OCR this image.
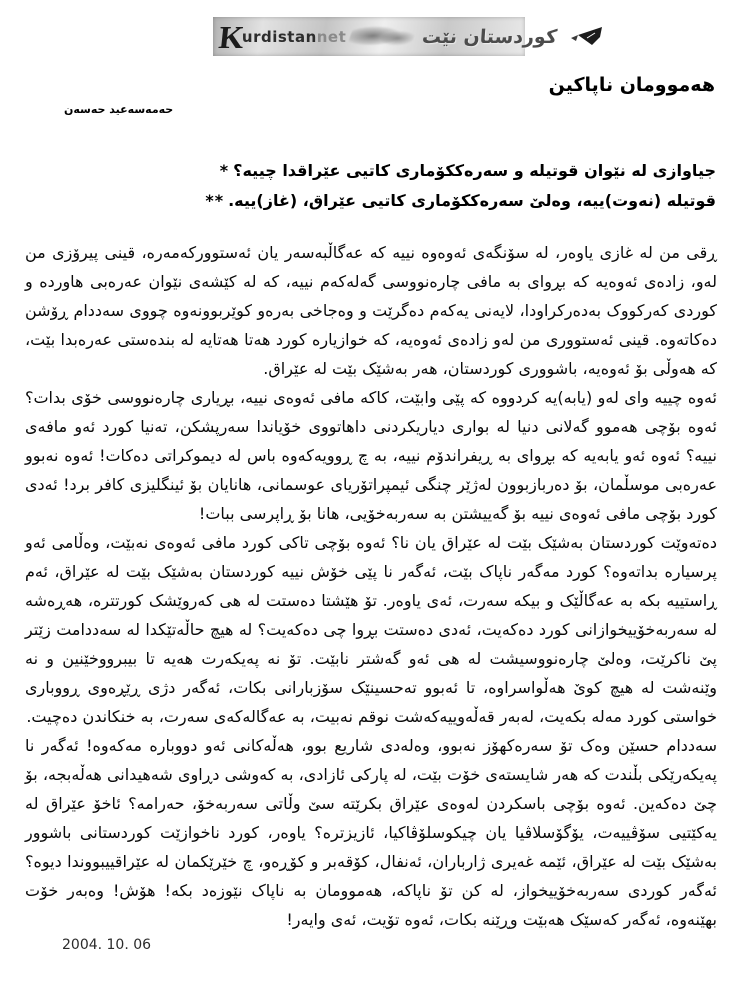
K
urdistan net	کوردستان نێت
هەموومان ناپاکین
حەمەسەعید حەسەن
* جیاوازی لە نێوان قوتیلە و سەرەککۆماری کاتیی عێراقدا چییە؟
** قوتیلە (نەوت)ییە، وەلێ سەرەککۆماری کاتیی عێراق، (غاز)ییە.

ڕقی من لە غازی یاوەر، لە سۆنگەی ئەوەوە نییە کە عەگاڵبەسەر یان ئەستوورکەمەرە، قینی پیرۆزی من لەو، زادەی ئەوەیە کە بڕوای بە مافی چارەنووسی گەلەکەم نییە، کە لە کێشەی نێوان عەرەبی هاوردە و کوردی کەرکووک بەدەرکراودا، لایەنی یەکەم دەگرێت و وەجاخی بەرەو کوێربوونەوە چووی سەددام ڕۆشن دەکاتەوە. قینی ئەستووری من لەو زادەی ئەوەیە، کە خوازیارە کورد هەتا هەتایە لە بندەستی عەرەبدا بێت، کە هەوڵی بۆ ئەوەیە، باشووری کوردستان، هەر بەشێک بێت لە عێراق.

ئەوە چییە وای لەو (یابە)یە کردووە کە پێی وابێت، کاکە مافی ئەوەی نییە، بڕیاری چارەنووسی خۆی بدات؟ ئەوە بۆچی هەموو گەلانی دنیا لە بواری دیاریکردنی داهاتووی خۆیاندا سەرپشکن، تەنیا کورد ئەو مافەی نییە؟ ئەوە ئەو یابەیە کە بڕوای بە ڕیفراندۆم نییە، بە چ ڕوویەکەوە باس لە دیموکراتی دەکات! ئەوە نەبوو عەرەبی موسڵمان، بۆ دەربازبوون لەژێر چنگی ئیمپراتۆریای عوسمانی، هانایان بۆ ئینگلیزی کافر برد! ئەدی کورد بۆچی مافی ئەوەی نییە بۆ گەییشتن بە سەربەخۆیی، هانا بۆ ڕاپرسی ببات!

دەتەوێت کوردستان بەشێک بێت لە عێراق یان نا؟ ئەوە بۆچی تاکی کورد مافی ئەوەی نەبێت، وەڵامی ئەو پرسیارە بداتەوە؟ کورد مەگەر ناپاک بێت، ئەگەر نا پێی خۆش نییە کوردستان بەشێک بێت لە عێراق، ئەم ڕاستییە بکە بە عەگاڵێک و بیکە سەرت، ئەی یاوەر. تۆ هێشتا دەستت لە هی کەروێشک کورتترە، هەڕەشە لە سەربەخۆییخوازانی کورد دەکەیت، ئەدی دەستت بڕوا چی دەکەیت؟ لە هیچ حاڵەتێکدا لە سەددامت زێتر پێ ناکرێت، وەلێ چارەنووسیشت لە هی ئەو گەشتر نابێت. تۆ نە پەیکەرت هەیە تا بیبرووخێنین و نە وێنەشت لە هیچ کوێ هەڵواسراوە، تا ئەبوو تەحسینێک سۆزبارانی بکات، ئەگەر دژی ڕێڕەوی ڕووباری خواستی کورد مەلە بکەیت، لەبەر قەڵەوییەکەشت نوقم نەبیت، بە عەگالەکەی سەرت، بە خنکاندن دەچیت.

سەددام حسێن وەک تۆ سەرەکهۆز نەبوو، وەلەدی شاریع بوو، هەڵەکانی ئەو دووبارە مەکەوە! ئەگەر نا پەیکەرێکی بڵندت کە هەر شایستەی خۆت بێت، لە پارکی ئازادی، بە کەوشی دڕاوی شەهیدانی هەڵەبجە، بۆ چێ دەکەین. ئەوە بۆچی باسکردن لەوەی عێراق بکرێتە سێ وڵاتی سەربەخۆ، حەرامە؟ ئاخۆ عێراق لە یەکێتیی سۆڤییەت، یۆگۆسلاڤیا یان چیکوسلۆڤاکیا، ئازیزترە؟ یاوەر، کورد ناخوازێت کوردستانی باشوور بەشێک بێت لە عێراق، ئێمە غەیری ژارباران، ئەنفال، کۆقەبر و کۆڕەو، چ خێرێکمان لە عێراقییبووندا دیوە؟ ئەگەر کوردی سەربەخۆییخواز، لە کن تۆ ناپاکە، هەموومان بە ناپاک نێوزەد بکە! هۆش! وەبەر خۆت بهێنەوە، ئەگەر کەسێک هەبێت وڕێنە بکات، ئەوە تۆیت، ئەی وایەر!

2004. 10. 06
